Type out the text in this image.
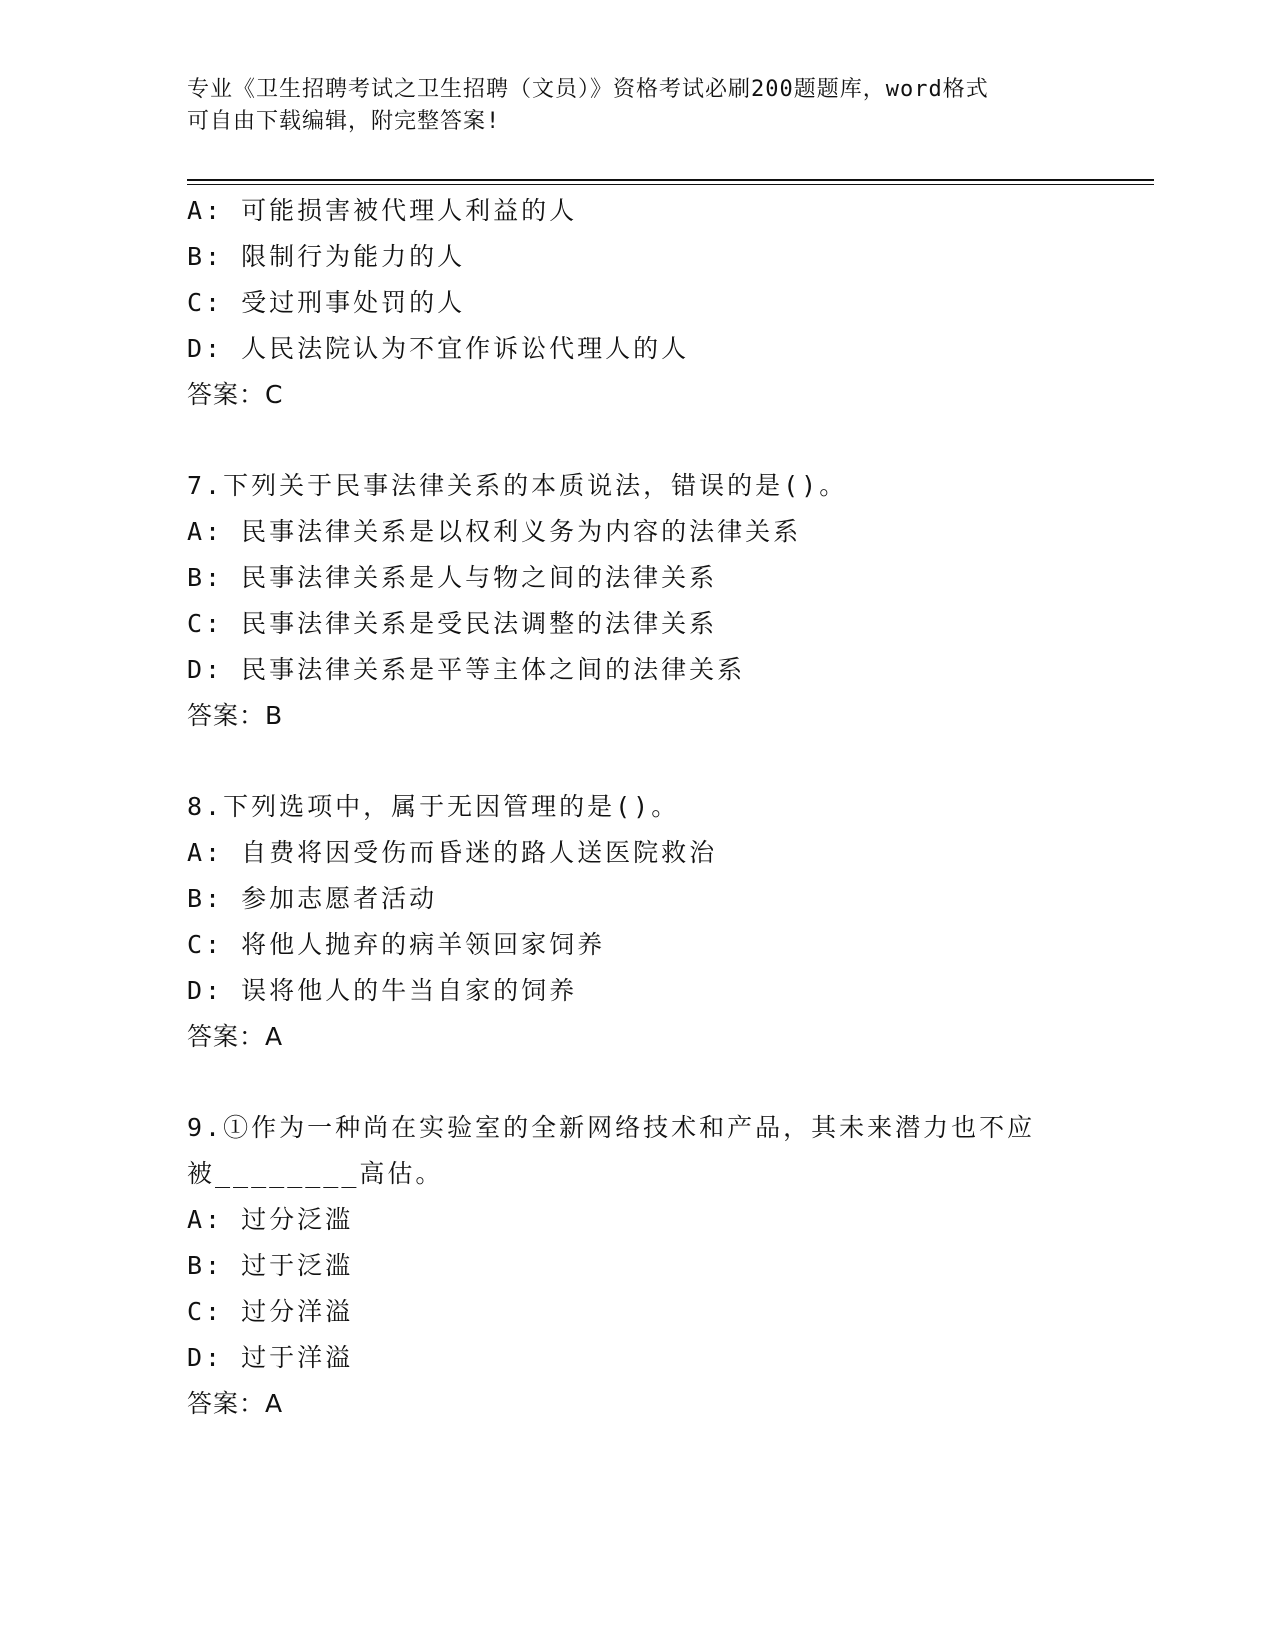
专业《卫生招聘考试之卫生招聘（文员）》资格考试必刷200题题库，word格式
可自由下载编辑，附完整答案!
A: 可能损害被代理人利益的人
B: 限制行为能力的人
C: 受过刑事处罚的人
D: 人民法院认为不宜作诉讼代理人的人
答案：C
7.下列关于民事法律关系的本质说法，错误的是()。
A: 民事法律关系是以权利义务为内容的法律关系
B: 民事法律关系是人与物之间的法律关系
C: 民事法律关系是受民法调整的法律关系
D: 民事法律关系是平等主体之间的法律关系
答案：B
8.下列选项中，属于无因管理的是()。
A: 自费将因受伤而昏迷的路人送医院救治
B: 参加志愿者活动
C: 将他人抛弃的病羊领回家饲养
D: 误将他人的牛当自家的饲养
答案：A
9.①作为一种尚在实验室的全新网络技术和产品，其未来潜力也不应
被________高估。
A: 过分泛滥
B: 过于泛滥
C: 过分洋溢
D: 过于洋溢
答案：A
